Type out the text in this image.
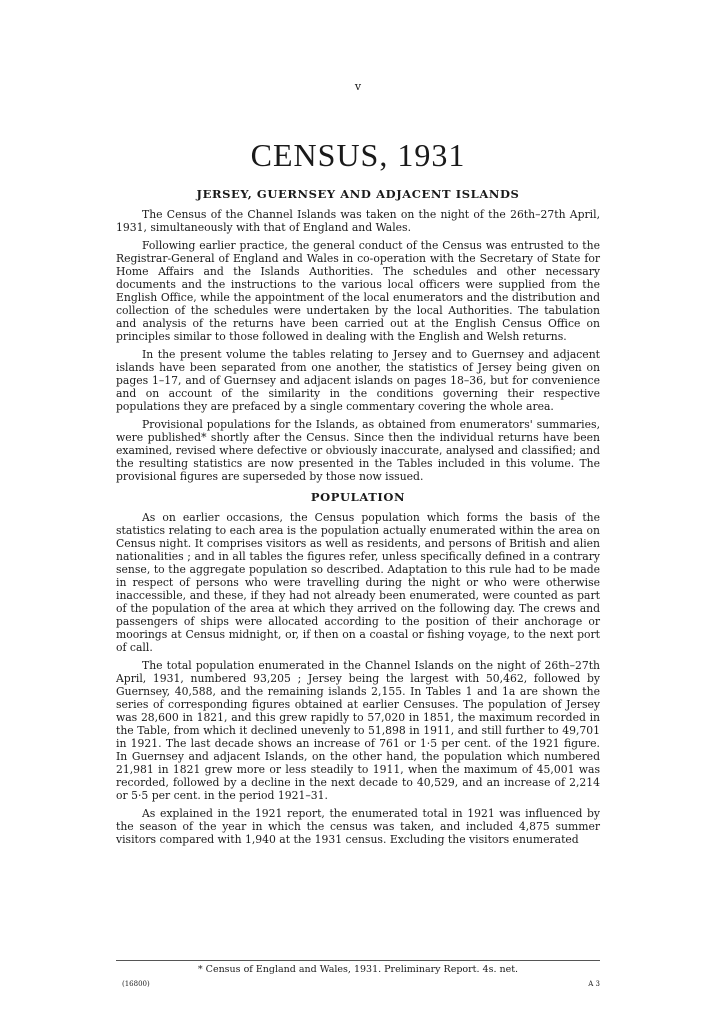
v
CENSUS, 1931
JERSEY, GUERNSEY AND ADJACENT ISLANDS

The Census of the Channel Islands was taken on the night of the 26th–27th April, 1931, simultaneously with that of England and Wales.

Following earlier practice, the general conduct of the Census was entrusted to the Registrar-General of England and Wales in co-operation with the Secretary of State for Home Affairs and the Islands Authorities. The schedules and other necessary documents and the instructions to the various local officers were supplied from the English Office, while the appointment of the local enumerators and the distribution and collection of the schedules were undertaken by the local Authorities. The tabulation and analysis of the returns have been carried out at the English Census Office on principles similar to those followed in dealing with the English and Welsh returns.

In the present volume the tables relating to Jersey and to Guernsey and adjacent islands have been separated from one another, the statistics of Jersey being given on pages 1–17, and of Guernsey and adjacent islands on pages 18–36, but for convenience and on account of the similarity in the conditions governing their respective populations they are prefaced by a single commentary covering the whole area.

Provisional populations for the Islands, as obtained from enumerators' summaries, were published* shortly after the Census. Since then the individual returns have been examined, revised where defective or obviously inaccurate, analysed and classified; and the resulting statistics are now presented in the Tables included in this volume. The provisional figures are superseded by those now issued.

POPULATION

As on earlier occasions, the Census population which forms the basis of the statistics relating to each area is the population actually enumerated within the area on Census night. It comprises visitors as well as residents, and persons of British and alien nationalities ; and in all tables the figures refer, unless specifically defined in a contrary sense, to the aggregate population so described. Adaptation to this rule had to be made in respect of persons who were travelling during the night or who were otherwise inaccessible, and these, if they had not already been enumerated, were counted as part of the population of the area at which they arrived on the following day. The crews and passengers of ships were allocated according to the position of their anchorage or moorings at Census midnight, or, if then on a coastal or fishing voyage, to the next port of call.

The total population enumerated in the Channel Islands on the night of 26th–27th April, 1931, numbered 93,205 ; Jersey being the largest with 50,462, followed by Guernsey, 40,588, and the remaining islands 2,155. In Tables 1 and 1a are shown the series of corresponding figures obtained at earlier Censuses. The population of Jersey was 28,600 in 1821, and this grew rapidly to 57,020 in 1851, the maximum recorded in the Table, from which it declined unevenly to 51,898 in 1911, and still further to 49,701 in 1921. The last decade shows an increase of 761 or 1·5 per cent. of the 1921 figure. In Guernsey and adjacent Islands, on the other hand, the population which numbered 21,981 in 1821 grew more or less steadily to 1911, when the maximum of 45,001 was recorded, followed by a decline in the next decade to 40,529, and an increase of 2,214 or 5·5 per cent. in the period 1921–31.

As explained in the 1921 report, the enumerated total in 1921 was influenced by the season of the year in which the census was taken, and included 4,875 summer visitors compared with 1,940 at the 1931 census. Excluding the visitors enumerated

* Census of England and Wales, 1931. Preliminary Report. 4s. net.
(16800)	A 3
